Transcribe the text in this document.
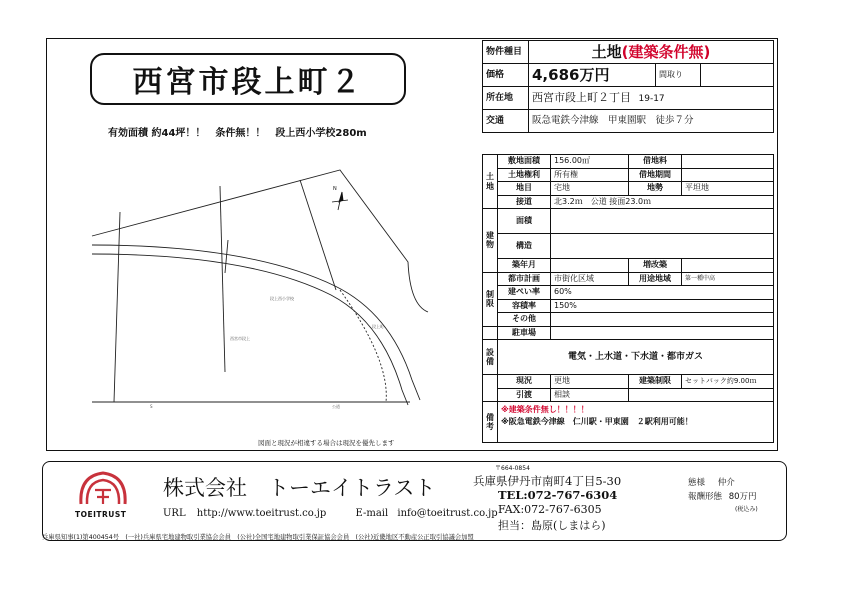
西宮市段上町２
有効面積 約44坪！！　条件無！！　段上西小学校280m
段上西小学校
西宮市段上
段上町
S	公道
N
図面と現況が相違する場合は現況を優先します
物件種目	土地(建築条件無)		
価格	4,686万円	間取り	
所在地	西宮市段上町２丁目 19-17		
交通	阪急電鉄今津線　甲東園駅　徒歩７分		
土地	敷地面積	156.00㎡	借地料	
	土地権利	所有権	借地期間	
	地目	宅地	地勢	平坦地
	接道	北3.2ｍ　公道 接面23.0ｍ		
建物	面積			
	構造			
	築年月		増改築	
制限	都市計画	市街化区域	用途地域	第一種中高
	建ぺい率	60%		
	容積率	150%		
	その他			
	駐車場			
設備	電気・上水道・下水道・都市ガス			
	現況	更地	建築制限	セットバック約9.00ｍ
	引渡	相談		
備考	※建築条件無し！！！！
※阪急電鉄今津線　仁川駅・甲東園　２駅利用可能！			
TOEITRUST
株式会社　トーエイトラスト
URL http://www.toeitrust.co.jp	E-mail info@toeitrust.co.jp
〒664-0854
兵庫県伊丹市南町4丁目5-30
TEL:072-767-6304
FAX:072-767-6305
担当：島原(しまはら)
態様 仲介
報酬形態 80万円
(税込み)
兵庫県知事(1)第400454号　(一社)兵庫県宅地建物取引業協会会員　(公社)全国宅地建物取引業保証協会会員　(公社)近畿地区不動産公正取引協議会加盟
